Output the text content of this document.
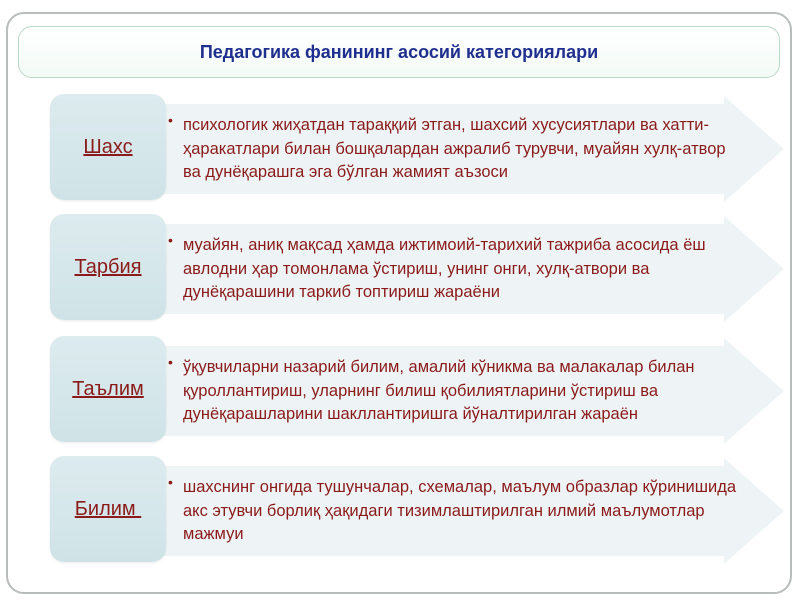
Педагогика фанининг асосий категориялари
Шахс
• психологик жиҳатдан тараққий этган, шахсий хусусиятлари ва хатти-ҳаракатлари билан бошқалардан ажралиб турувчи, муайян хулқ-атвор ва дунёқарашга эга бўлган жамият аъзоси
Тарбия
• муайян, аниқ мақсад ҳамда ижтимоий-тарихий тажриба асосида ёш авлодни ҳар томонлама ўстириш, унинг онги, хулқ-атвори ва дунёқарашини таркиб топтириш жараёни
Таълим
• ўқувчиларни назарий билим, амалий кўникма ва малакалар билан қуроллантириш, уларнинг билиш қобилиятларини ўстириш ва дунёқарашларини шакллантиришга йўналтирилган жараён
Билим
• шахснинг онгида тушунчалар, схемалар, маълум образлар кўринишида акс этувчи борлиқ ҳақидаги тизимлаштирилган илмий маълумотлар мажмуи
